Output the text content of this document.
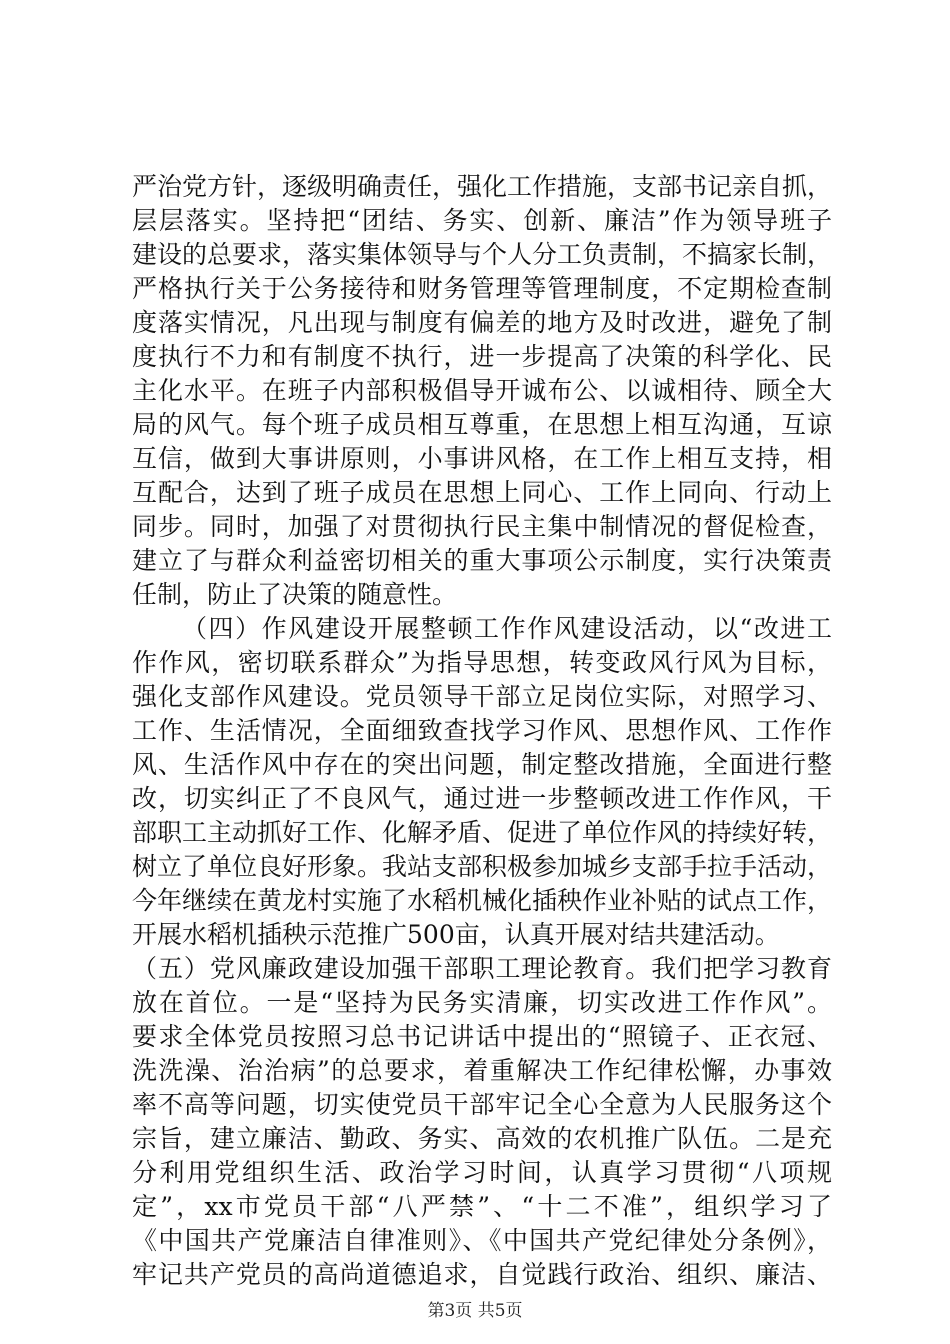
严治党方针，逐级明确责任，强化工作措施，支部书记亲自抓，
层层落实。坚持把“团结、务实、创新、廉洁”作为领导班子
建设的总要求，落实集体领导与个人分工负责制，不搞家长制，
严格执行关于公务接待和财务管理等管理制度，不定期检查制
度落实情况，凡出现与制度有偏差的地方及时改进，避免了制
度执行不力和有制度不执行，进一步提高了决策的科学化、民
主化水平。在班子内部积极倡导开诚布公、以诚相待、顾全大
局的风气。每个班子成员相互尊重，在思想上相互沟通，互谅
互信，做到大事讲原则，小事讲风格，在工作上相互支持，相
互配合，达到了班子成员在思想上同心、工作上同向、行动上
同步。同时，加强了对贯彻执行民主集中制情况的督促检查，
建立了与群众利益密切相关的重大事项公示制度，实行决策责
任制，防止了决策的随意性。
（四）作风建设开展整顿工作作风建设活动，以“改进工
作作风，密切联系群众”为指导思想，转变政风行风为目标，
强化支部作风建设。党员领导干部立足岗位实际，对照学习、
工作、生活情况，全面细致查找学习作风、思想作风、工作作
风、生活作风中存在的突出问题，制定整改措施，全面进行整
改，切实纠正了不良风气，通过进一步整顿改进工作作风，干
部职工主动抓好工作、化解矛盾、促进了单位作风的持续好转，
树立了单位良好形象。我站支部积极参加城乡支部手拉手活动，
今年继续在黄龙村实施了水稻机械化插秧作业补贴的试点工作，
开展水稻机插秧示范推广500亩，认真开展对结共建活动。
（五）党风廉政建设加强干部职工理论教育。我们把学习教育
放在首位。一是“坚持为民务实清廉，切实改进工作作风”。
要求全体党员按照习总书记讲话中提出的“照镜子、正衣冠、
洗洗澡、治治病”的总要求，着重解决工作纪律松懈，办事效
率不高等问题，切实使党员干部牢记全心全意为人民服务这个
宗旨，建立廉洁、勤政、务实、高效的农机推广队伍。二是充
分利用党组织生活、政治学习时间，认真学习贯彻“八项规
定”，xx市党员干部“八严禁”、“十二不准”，组织学习了
《中国共产党廉洁自律准则》、《中国共产党纪律处分条例》，
牢记共产党员的高尚道德追求，自觉践行政治、组织、廉洁、
第3页 共5页
